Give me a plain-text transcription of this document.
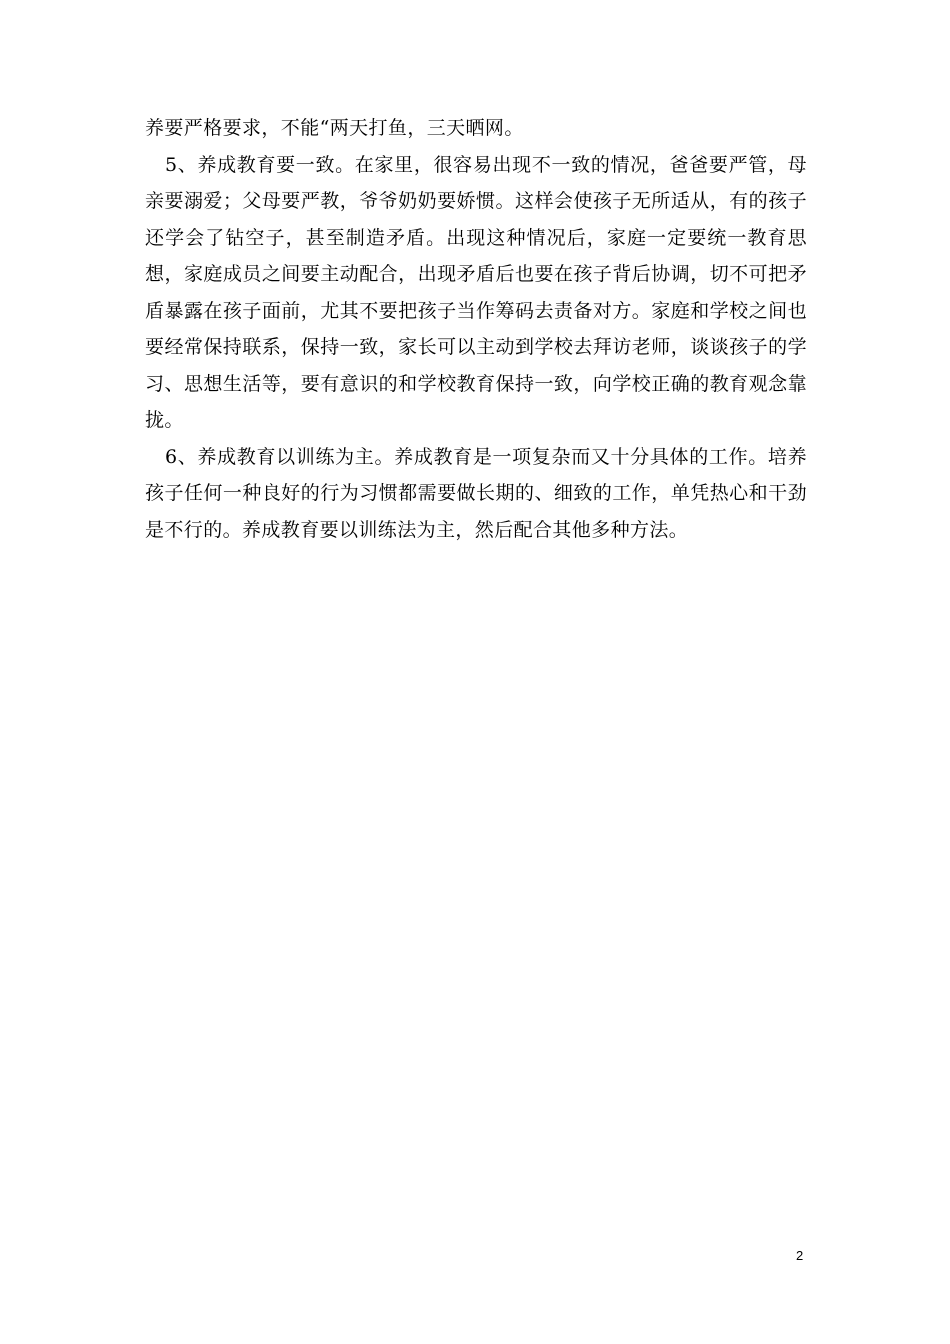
养要严格要求，不能“两天打鱼，三天晒网。

5、养成教育要一致。在家里，很容易出现不一致的情况，爸爸要严管，母亲要溺爱；父母要严教，爷爷奶奶要娇惯。这样会使孩子无所适从，有的孩子还学会了钻空子，甚至制造矛盾。出现这种情况后，家庭一定要统一教育思想，家庭成员之间要主动配合，出现矛盾后也要在孩子背后协调，切不可把矛盾暴露在孩子面前，尤其不要把孩子当作筹码去责备对方。家庭和学校之间也要经常保持联系，保持一致，家长可以主动到学校去拜访老师，谈谈孩子的学习、思想生活等，要有意识的和学校教育保持一致，向学校正确的教育观念靠拢。

6、养成教育以训练为主。养成教育是一项复杂而又十分具体的工作。培养孩子任何一种良好的行为习惯都需要做长期的、细致的工作，单凭热心和干劲是不行的。养成教育要以训练法为主，然后配合其他多种方法。

2
